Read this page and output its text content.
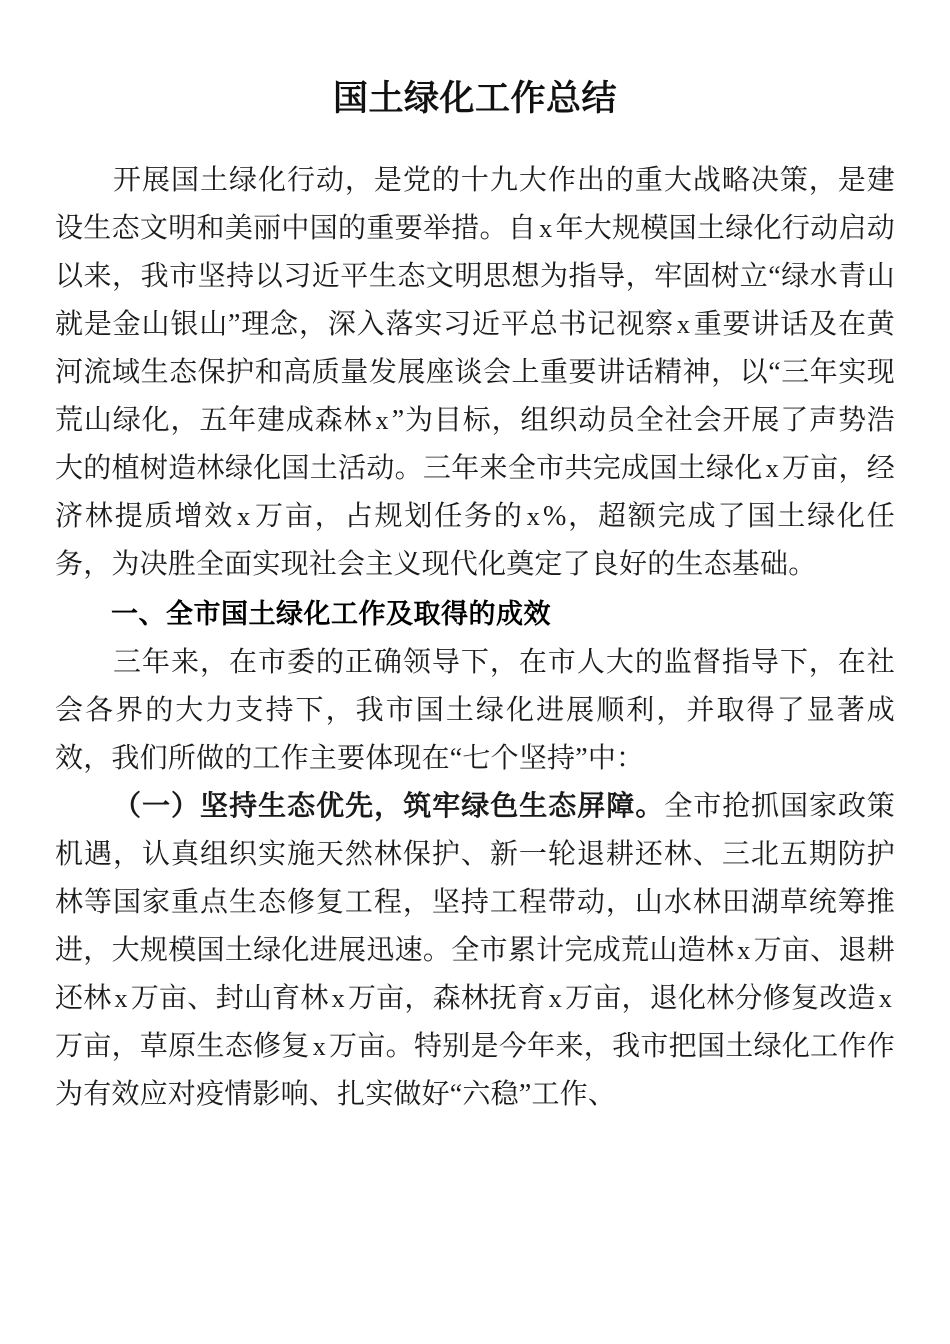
国土绿化工作总结

开展国土绿化行动，是党的十九大作出的重大战略决策，是建设生态文明和美丽中国的重要举措。自 x 年大规模国土绿化行动启动以来，我市坚持以习近平生态文明思想为指导，牢固树立“绿水青山就是金山银山”理念，深入落实习近平总书记视察 x 重要讲话及在黄河流域生态保护和高质量发展座谈会上重要讲话精神，以“三年实现荒山绿化，五年建成森林 x ”为目标，组织动员全社会开展了声势浩大的植树造林绿化国土活动。三年来全市共完成国土绿化 x 万亩，经济林提质增效 x 万亩，占规划任务的 x %，超额完成了国土绿化任务，为决胜全面实现社会主义现代化奠定了良好的生态基础。

一、全市国土绿化工作及取得的成效

三年来，在市委的正确领导下，在市人大的监督指导下，在社会各界的大力支持下，我市国土绿化进展顺利，并取得了显著成效，我们所做的工作主要体现在“七个坚持”中：

（一）坚持生态优先，筑牢绿色生态屏障。全市抢抓国家政策机遇，认真组织实施天然林保护、新一轮退耕还林、三北五期防护林等国家重点生态修复工程，坚持工程带动，山水林田湖草统筹推进，大规模国土绿化进展迅速。全市累计完成荒山造林 x 万亩、退耕还林 x 万亩、封山育林 x 万亩，森林抚育 x 万亩，退化林分修复改造 x万亩，草原生态修复 x 万亩。特别是今年来，我市把国土绿化工作作为有效应对疫情影响、扎实做好“六稳”工作、
